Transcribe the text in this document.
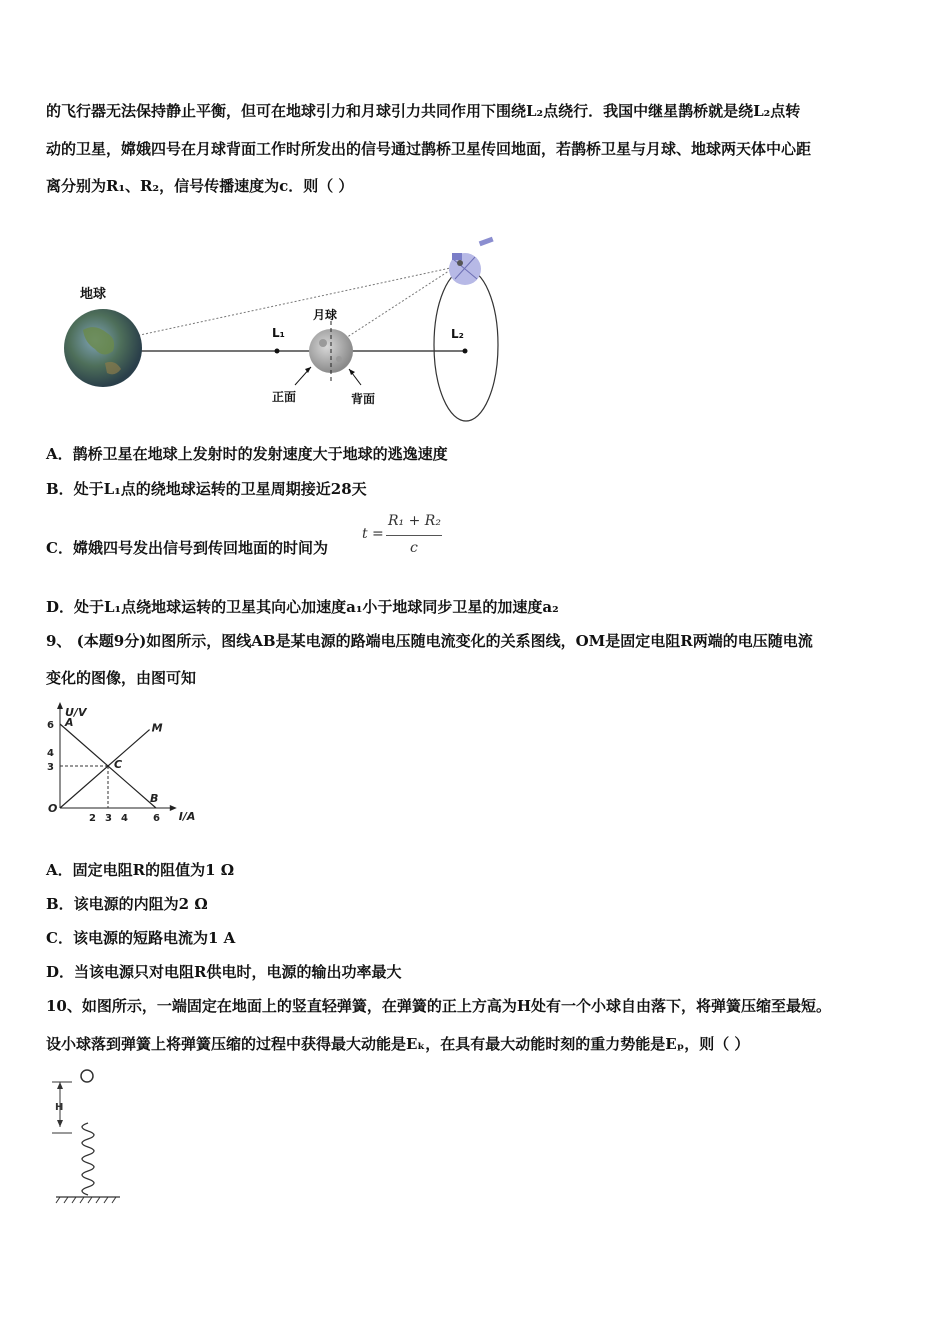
的飞行器无法保持静止平衡，但可在地球引力和月球引力共同作用下围绕L₂点绕行．我国中继星鹊桥就是绕L₂点转
动的卫星，嫦娥四号在月球背面工作时所发出的信号通过鹊桥卫星传回地面，若鹊桥卫星与月球、地球两天体中心距
离分别为R₁、R₂，信号传播速度为c．则（ ）
地球
L₁
月球
正面	背面
L₂
A．鹊桥卫星在地球上发射时的发射速度大于地球的逃逸速度
B．处于L₁点的绕地球运转的卫星周期接近28天
C．嫦娥四号发出信号到传回地面的时间为
t =
R₁ + R₂
c
D．处于L₁点绕地球运转的卫星其向心加速度a₁小于地球同步卫星的加速度a₂
9、 (本题9分)如图所示，图线AB是某电源的路端电压随电流变化的关系图线，OM是固定电阻R两端的电压随电流
变化的图像，由图可知
U/V
I/A
O
2 3 4	6
3
4
6 A
B
C
M
A．固定电阻R的阻值为1 Ω
B．该电源的内阻为2 Ω
C．该电源的短路电流为1 A
D．当该电源只对电阻R供电时，电源的输出功率最大
10、如图所示，一端固定在地面上的竖直轻弹簧，在弹簧的正上方高为H处有一个小球自由落下，将弹簧压缩至最短。
设小球落到弹簧上将弹簧压缩的过程中获得最大动能是Eₖ，在具有最大动能时刻的重力势能是Eₚ，则（ ）
H
